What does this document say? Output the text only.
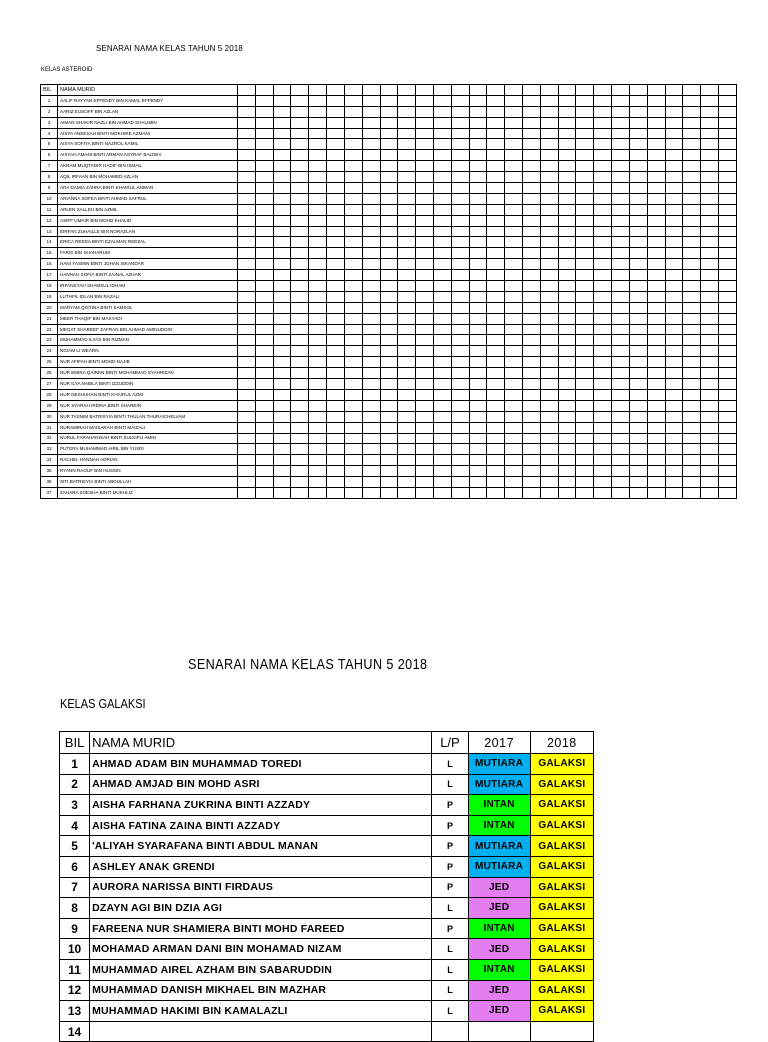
SENARAI NAMA KELAS TAHUN 5 2018
KELAS ASTEROID
BIL	NAMA MURID																												
1	AALIF RAYYAN EFFENDY BIN KAMAL EFFENDY																												
2	AARIZ EUSOFF BIN AZLAN																												
3	AIMAN SHAKIR NAZLI BIN AHMAD SHALIMIN																												
4	AISYA ANEESAH BINTI MOKHIRE AZMANI																												
5	AISYA SOFIYA BINTI NAZROL KAMIL																												
6	AISYAH AMANI BINTI ARMAN ASYRAF BALDEV																												
7	AKRAM MUQTADIR HADIF BIN ISMAIL																												
8	AQIL IRFAAN BIN MOHAMED AZLAN																												
9	ARA DAMIA ZAHRA BINTI KHAIRUL ANWAR																												
10	ARIANNA SOFEA BINTI AHMAD SAFRUL																												
11	ARLEN SALLEH BIN AZMIL																												
12	ASIFF UMAIR BIN MOHD KHALID																												
13	EIRFAN ZUHAILLE BIN NORAZLAN																												
14	ERICA REEDA BINTI EZALMAN REEZAL																												
15	FARIS BIN SHAHARUM																												
16	HANI YASMIN BINTI JOHAN ISKANDAR																												
17	HANNAH SOFIA BINTI ZAINAL AZHAR																												
18	IRFANSYAH SHAMSUL IDHAM																												
19	LUTHFIL IDLAN BIN RAZALI																												
20	MARYAM QISTINA BINTI SAMSOL																												
21	MEER THAQIF BIN MASYADI																												
22	MEGAT SHAREEF ZAFRAN BIN AHMAD AMINUDDIN																												
23	MUHAMMAD ILYAS BIN RIZMAN																												
24	NGIAM LI WEARN																												
25	NUR AFIFAH BINTI MOHD NAJIB																												
26	NUR EMIRA QAIREN BINTI MOHAMMAD SYAHRIZAN																												
27	NUR ILYA NABILA BINTI IZZUDDIN																												
28	NUR NESHUHAN BINTI KHAIRUL AZMI																												
29	NUR SYARAH IRDINA BINTI SHAREIN																												
30	NUR TASNIM BATRISYIA BINTI THULAN THURAICHELVAM																												
31	NURAMIRAH MAISARAH BINTI MAIZALI																												
32	NURUL FARAHANISAH BINTI ZULKIFLI AMIN																												
33	PUTERA MUHAMMAD AIRIL BIN YUSRI																												
34	RACHEL HANNAH ADRIAN																												
35	RYANN RAOUF BIN HUSSIN																												
36	SITI BATRISYIA BINTI ABDULLAH																												
37	ZAHARA ZOESHA BINTI MUKHLIZ																												
SENARAI NAMA KELAS TAHUN 5 2018
KELAS GALAKSI
BIL	NAMA MURID	L/P	2017	2018
1	AHMAD ADAM BIN MUHAMMAD TOREDI	L	MUTIARA	GALAKSI
2	AHMAD AMJAD BIN MOHD ASRI	L	MUTIARA	GALAKSI
3	AISHA FARHANA ZUKRINA BINTI AZZADY	P	INTAN	GALAKSI
4	AISHA FATINA ZAINA BINTI AZZADY	P	INTAN	GALAKSI
5	'ALIYAH SYARAFANA BINTI ABDUL MANAN	P	MUTIARA	GALAKSI
6	ASHLEY ANAK GRENDI	P	MUTIARA	GALAKSI
7	AURORA NARISSA BINTI FIRDAUS	P	JED	GALAKSI
8	DZAYN AGI BIN DZIA AGI	L	JED	GALAKSI
9	FAREENA NUR SHAMIERA BINTI MOHD FAREED	P	INTAN	GALAKSI
10	MOHAMAD ARMAN DANI BIN MOHAMAD NIZAM	L	JED	GALAKSI
11	MUHAMMAD AIREL AZHAM BIN SABARUDDIN	L	INTAN	GALAKSI
12	MUHAMMAD DANISH MIKHAEL BIN MAZHAR	L	JED	GALAKSI
13	MUHAMMAD HAKIMI BIN KAMALAZLI	L	JED	GALAKSI
14				
